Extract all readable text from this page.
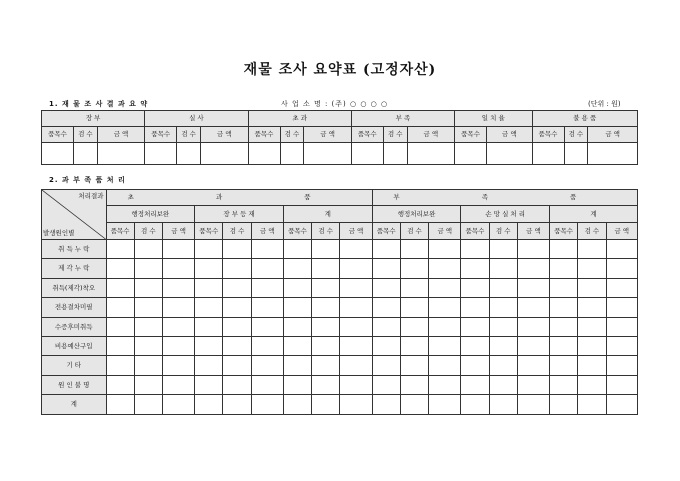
재물 조사 요약표 (고정자산)
1. 재 물 조 사 결 과 요 약	사 업 소 명 : (주) ○ ○ ○ ○	(단위 : 원)
장 부			실 사			초 과			부 족			일 치 율		불 용 품		
품목수	검 수	금 액	품목수	검 수	금 액	품목수	검 수	금 액	품목수	검 수	금 액	품목수	금 액	품목수	검 수	금 액

2. 과 부 족 품 처 리
처리결과
발생원인별	초 과 품									부 족 품								
	행정처리보완			장 부 등 재			계			행정처리보완			손 망 실 처 리			계		
	품목수	검 수	금 액	품목수	검 수	금 액	품목수	검 수	금 액	품목수	검 수	금 액	품목수	검 수	금 액	품목수	검 수	금 액
취 득 누 락																		
제 각 누 락																		
취득(제각)착오																		
전용결차미필																		
수증후미취득																		
비용예산구입																		
기 타																		
원 인 불 명																		
계																		
